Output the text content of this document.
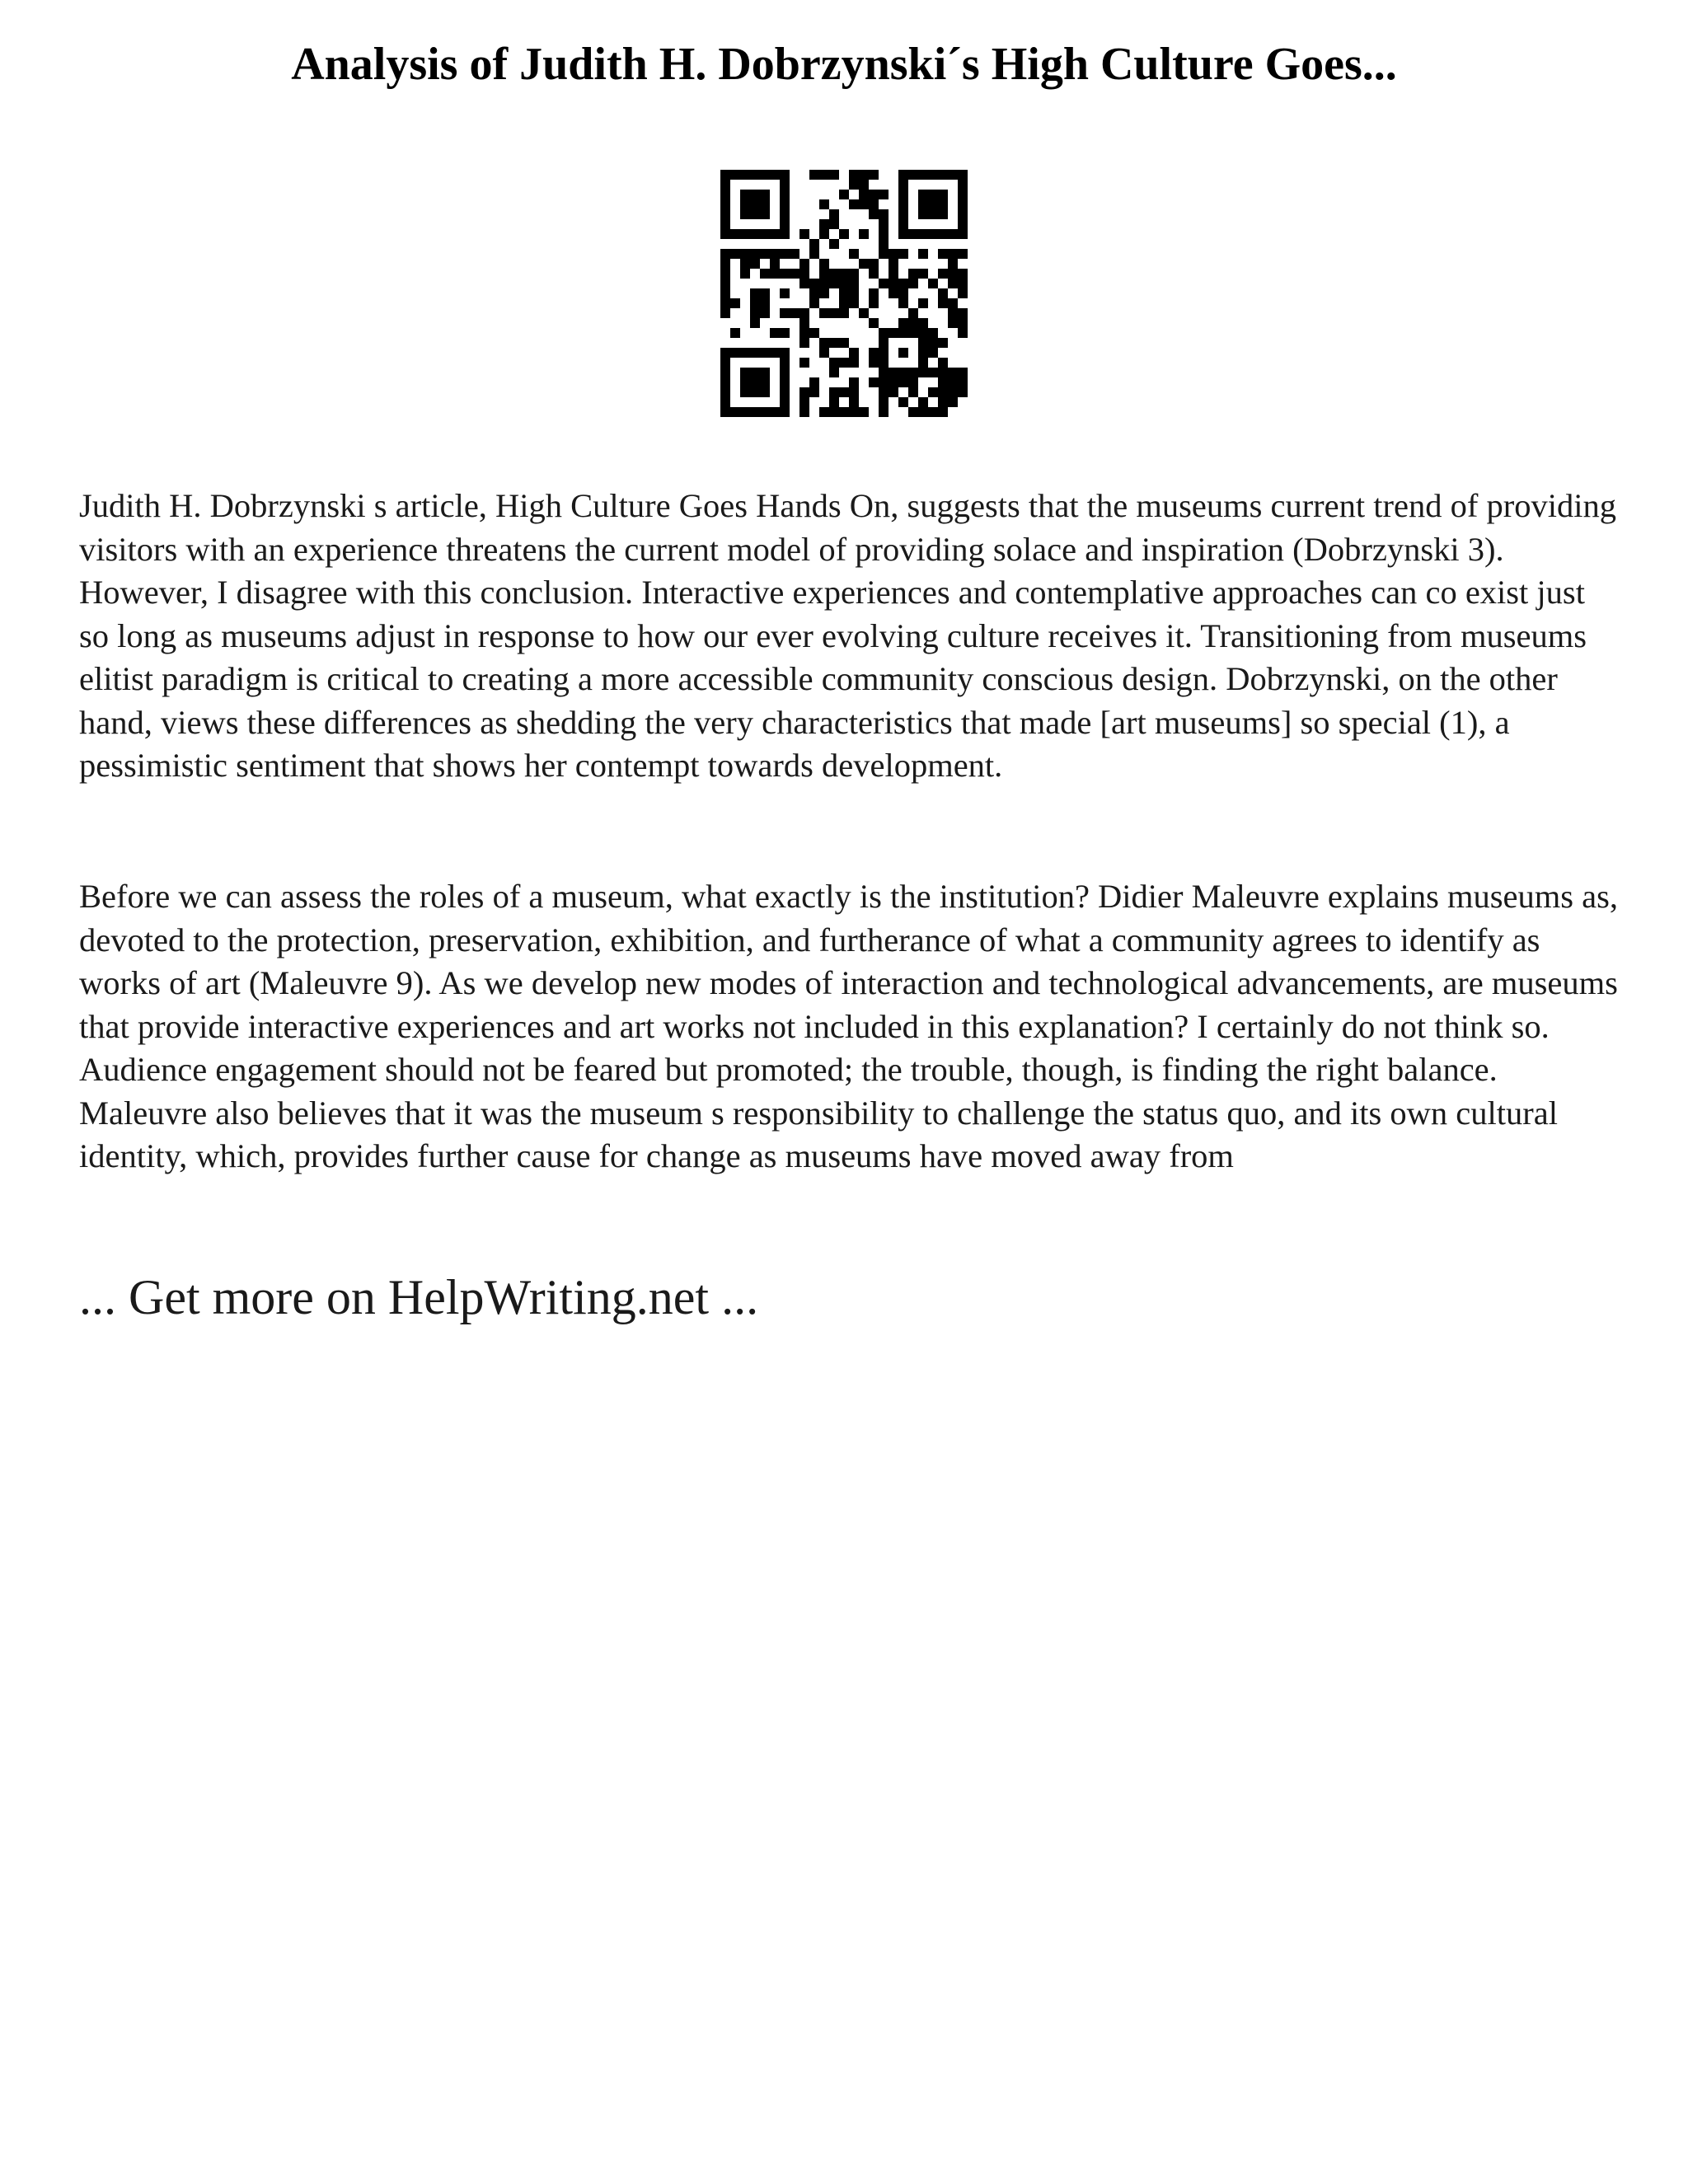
Analysis of Judith H. Dobrzynski´s High Culture Goes...

Judith H. Dobrzynski s article, High Culture Goes Hands On, suggests that the museums current trend of providing visitors with an experience threatens the current model of providing solace and inspiration (Dobrzynski 3). However, I disagree with this conclusion. Interactive experiences and contemplative approaches can co exist just so long as museums adjust in response to how our ever evolving culture receives it. Transitioning from museums elitist paradigm is critical to creating a more accessible community conscious design. Dobrzynski, on the other hand, views these differences as shedding the very characteristics that made [art museums] so special (1), a pessimistic sentiment that shows her contempt towards development.

Before we can assess the roles of a museum, what exactly is the institution? Didier Maleuvre explains museums as, devoted to the protection, preservation, exhibition, and furtherance of what a community agrees to identify as works of art (Maleuvre 9). As we develop new modes of interaction and technological advancements, are museums that provide interactive experiences and art works not included in this explanation? I certainly do not think so. Audience engagement should not be feared but promoted; the trouble, though, is finding the right balance. Maleuvre also believes that it was the museum s responsibility to challenge the status quo, and its own cultural identity, which, provides further cause for change as museums have moved away from

... Get more on HelpWriting.net ...
